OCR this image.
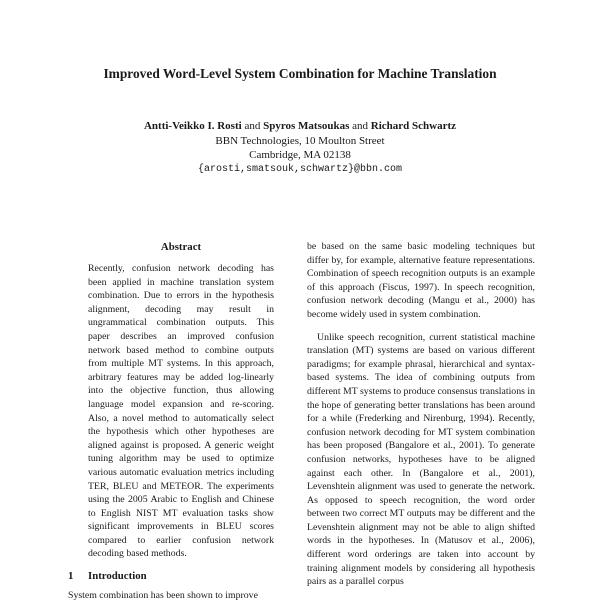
Improved Word-Level System Combination for Machine Translation
Antti-Veikko I. Rosti and Spyros Matsoukas and Richard Schwartz
BBN Technologies, 10 Moulton Street
Cambridge, MA 02138
{arosti,smatsouk,schwartz}@bbn.com
Abstract

Recently, confusion network decoding has been applied in machine translation system combination. Due to errors in the hypothesis alignment, decoding may result in ungrammatical combination outputs. This paper describes an improved confusion network based method to combine outputs from multiple MT systems. In this approach, arbitrary features may be added log-linearly into the objective function, thus allowing language model expansion and re-scoring. Also, a novel method to automatically select the hypothesis which other hypotheses are aligned against is proposed. A generic weight tuning algorithm may be used to optimize various automatic evaluation metrics including TER, BLEU and METEOR. The experiments using the 2005 Arabic to English and Chinese to English NIST MT evaluation tasks show significant improvements in BLEU scores compared to earlier confusion network decoding based methods.

1 Introduction
System combination has been shown to improve

be based on the same basic modeling techniques but differ by, for example, alternative feature representations. Combination of speech recognition outputs is an example of this approach (Fiscus, 1997). In speech recognition, confusion network decoding (Mangu et al., 2000) has become widely used in system combination.

Unlike speech recognition, current statistical machine translation (MT) systems are based on various different paradigms; for example phrasal, hierarchical and syntax-based systems. The idea of combining outputs from different MT systems to produce consensus translations in the hope of generating better translations has been around for a while (Frederking and Nirenburg, 1994). Recently, confusion network decoding for MT system combination has been proposed (Bangalore et al., 2001). To generate confusion networks, hypotheses have to be aligned against each other. In (Bangalore et al., 2001), Levenshtein alignment was used to generate the network. As opposed to speech recognition, the word order between two correct MT outputs may be different and the Levenshtein alignment may not be able to align shifted words in the hypotheses. In (Matusov et al., 2006), different word orderings are taken into account by training alignment models by considering all hypothesis pairs as a parallel corpus
